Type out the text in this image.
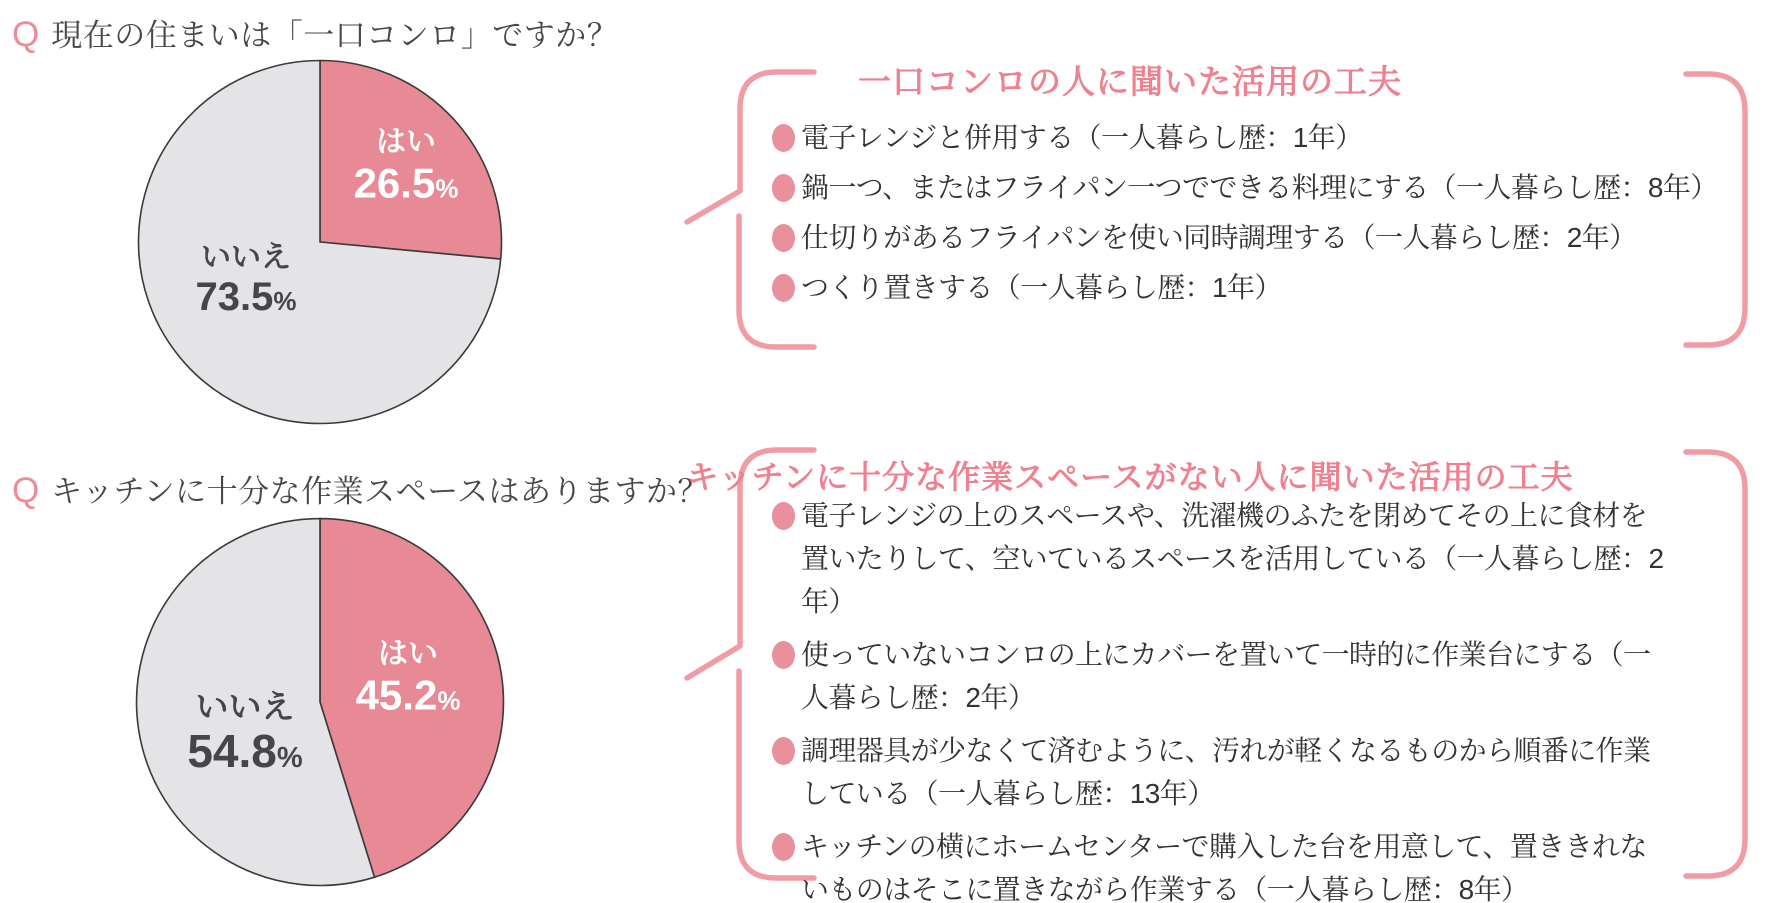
Q 現在の住まいは「一口コンロ」ですか？
はい
26.5%
いいえ
73.5%
Q キッチンに十分な作業スペースはありますか？
はい
45.2%
いいえ
54.8%
一口コンロの人に聞いた活用の工夫
電子レンジと併用する（一人暮らし歴：1年）
鍋一つ、またはフライパン一つでできる料理にする（一人暮らし歴：8年）
仕切りがあるフライパンを使い同時調理する（一人暮らし歴：2年）
つくり置きする（一人暮らし歴：1年）
キッチンに十分な作業スペースがない人に聞いた活用の工夫
電子レンジの上のスペースや、洗濯機のふたを閉めてその上に食材を置いたりして、空いているスペースを活用している（一人暮らし歴：2年）
使っていないコンロの上にカバーを置いて一時的に作業台にする（一人暮らし歴：2年）
調理器具が少なくて済むように、汚れが軽くなるものから順番に作業している（一人暮らし歴：13年）
キッチンの横にホームセンターで購入した台を用意して、置ききれないものはそこに置きながら作業する（一人暮らし歴：8年）
